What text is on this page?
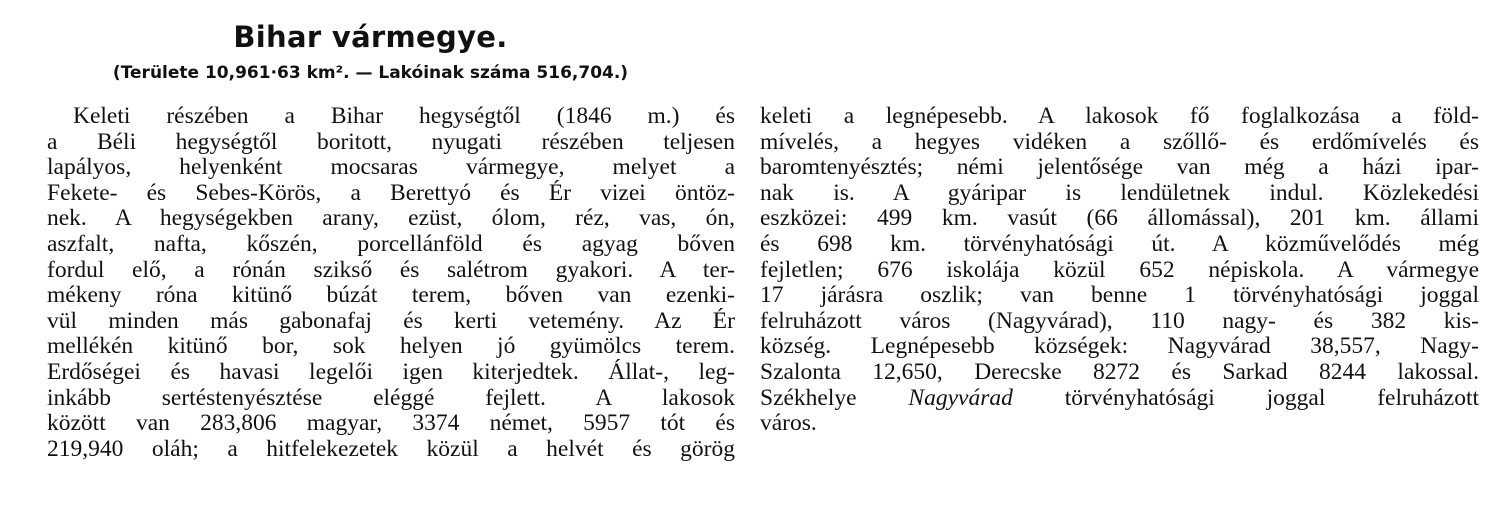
Bihar vármegye.
(Területe 10,961·63 km². — Lakóinak száma 516,704.)
Keleti részében a Bihar hegységtől (1846 m.) és
a Béli hegységtől boritott, nyugati részében teljesen
lapályos, helyenként mocsaras vármegye, melyet a
Fekete- és Sebes-Körös, a Berettyó és Ér vizei öntöz-
nek. A hegységekben arany, ezüst, ólom, réz, vas, ón,
aszfalt, nafta, kőszén, porcellánföld és agyag bőven
fordul elő, a rónán szikső és salétrom gyakori. A ter-
mékeny róna kitünő búzát terem, bőven van ezenki-
vül minden más gabonafaj és kerti vetemény. Az Ér
mellékén kitünő bor, sok helyen jó gyümölcs terem.
Erdőségei és havasi legelői igen kiterjedtek. Állat-, leg-
inkább sertéstenyésztése eléggé fejlett. A lakosok
között van 283,806 magyar, 3374 német, 5957 tót és
219,940 oláh; a hitfelekezetek közül a helvét és görög
keleti a legnépesebb. A lakosok fő foglalkozása a föld-
mívelés, a hegyes vidéken a szőllő- és erdőmívelés és
baromtenyésztés; némi jelentősége van még a házi ipar-
nak is. A gyáripar is lendületnek indul. Közlekedési
eszközei: 499 km. vasút (66 állomással), 201 km. állami
és 698 km. törvényhatósági út. A közművelődés még
fejletlen; 676 iskolája közül 652 népiskola. A vármegye
17 járásra oszlik; van benne 1 törvényhatósági joggal
felruházott város (Nagyvárad), 110 nagy- és 382 kis-
község. Legnépesebb községek: Nagyvárad 38,557, Nagy-
Szalonta 12,650, Derecske 8272 és Sarkad 8244 lakossal.
Székhelye Nagyvárad törvényhatósági joggal felruházott
város.
